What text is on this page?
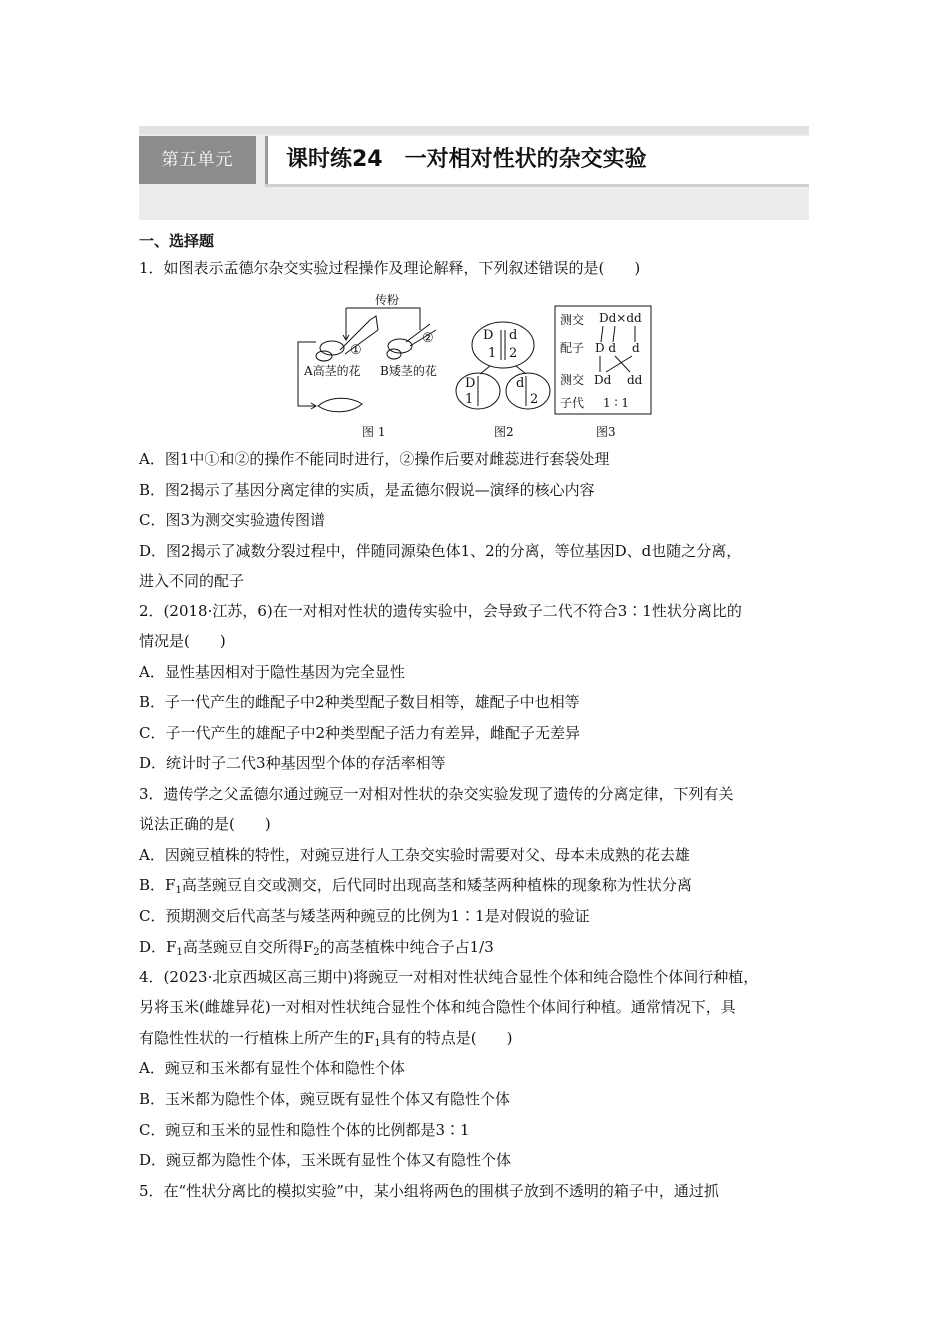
第五单元	课时练24　一对相对性状的杂交实验
一、选择题
1．如图表示孟德尔杂交实验过程操作及理论解释，下列叙述错误的是(　　)
传粉
①
②
A高茎的花 B矮茎的花
图 1
D d
1 2
D
1
d
2
图2
测交 Dd×dd
配子 D d d
测交 Dd dd
子代 1 ∶ 1
图3
A．图1中①和②的操作不能同时进行，②操作后要对雌蕊进行套袋处理
B．图2揭示了基因分离定律的实质，是孟德尔假说—演绎的核心内容
C．图3为测交实验遗传图谱
D．图2揭示了减数分裂过程中，伴随同源染色体1、2的分离，等位基因D、d也随之分离，
进入不同的配子
2．(2018·江苏，6)在一对相对性状的遗传实验中，会导致子二代不符合3∶1性状分离比的
情况是(　　)
A．显性基因相对于隐性基因为完全显性
B．子一代产生的雌配子中2种类型配子数目相等，雄配子中也相等
C．子一代产生的雄配子中2种类型配子活力有差异，雌配子无差异
D．统计时子二代3种基因型个体的存活率相等
3．遗传学之父孟德尔通过豌豆一对相对性状的杂交实验发现了遗传的分离定律，下列有关
说法正确的是(　　)
A．因豌豆植株的特性，对豌豆进行人工杂交实验时需要对父、母本未成熟的花去雄
B．$F_1$高茎豌豆自交或测交，后代同时出现高茎和矮茎两种植株的现象称为性状分离
C．预期测交后代高茎与矮茎两种豌豆的比例为1∶1是对假说的验证
D．$F_1$高茎豌豆自交所得$F_2$的高茎植株中纯合子占1/3
4．(2023·北京西城区高三期中)将豌豆一对相对性状纯合显性个体和纯合隐性个体间行种植，
另将玉米(雌雄异花)一对相对性状纯合显性个体和纯合隐性个体间行种植。通常情况下，具
有隐性性状的一行植株上所产生的$F_1$具有的特点是(　　)
A．豌豆和玉米都有显性个体和隐性个体
B．玉米都为隐性个体，豌豆既有显性个体又有隐性个体
C．豌豆和玉米的显性和隐性个体的比例都是3∶1
D．豌豆都为隐性个体，玉米既有显性个体又有隐性个体
5．在“性状分离比的模拟实验”中，某小组将两色的围棋子放到不透明的箱子中，通过抓
